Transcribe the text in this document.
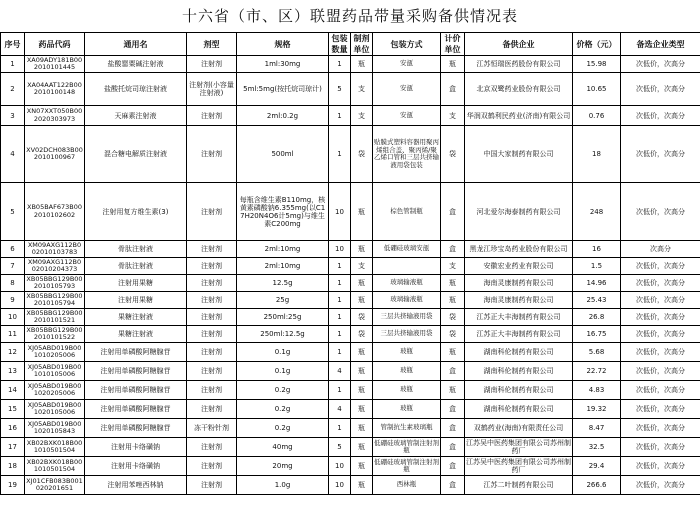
十六省（市、区）联盟药品带量采购备供情况表
序号	药品代码	通用名	剂型	规格	包装数量	制剂单位	包装方式	计价单位	备供企业	价格（元）	备选企业类型
1	XA09ADY181B002010101445	盐酸罂粟碱注射液	注射剂	1ml:30mg	1	瓶	安瓿	瓶	江苏恒瑞医药股份有限公司	15.98	次低价，次高分
2	XA04AAT122B002010100148	盐酸托烷司琼注射液	注射剂(小容量注射液)	5ml:5mg(按托烷司琼计)	5	支	安瓿	盒	北京双鹭药业股份有限公司	10.65	次低价，次高分
3	XN07XXT050B002020303973	天麻素注射液	注射剂	2ml:0.2g	1	支	安瓿	支	华润双鹤利民药业(济南)有限公司	0.76	次低价，次高分
4	XV02DCH083B002010100967	混合糖电解质注射液	注射剂	500ml	1	袋	贴膜式塑料容器用聚丙烯组合盖、聚丙烯/聚乙烯口管和三层共挤输液用袋包装	袋	中国大家制药有限公司	18	次低价，次高分
5	XB05BAF673B002010102602	注射用复方维生素(3)	注射剂	每瓶含维生素B110mg，核黄素磷酸钠6.355mg(以C17H20N4O6计5mg)与维生素C200mg	10	瓶	棕色管制瓶	盒	河北爱尔海泰制药有限公司	248	次低价，次高分
6	XM09AXG112B002010103783	骨肽注射液	注射剂	2ml:10mg	10	瓶	低硼硅玻璃安瓿	盒	黑龙江珍宝岛药业股份有限公司	16	次高分
7	XM09AXG112B002010204373	骨肽注射液	注射剂	2ml:10mg	1	支		支	安徽宏业药业有限公司	1.5	次低价，次高分
8	XB05BBG129B002010105793	注射用果糖	注射剂	12.5g	1	瓶	玻璃输液瓶	瓶	海南灵康制药有限公司	14.96	次低价，次高分
9	XB05BBG129B002010105794	注射用果糖	注射剂	25g	1	瓶	玻璃输液瓶	瓶	海南灵康制药有限公司	25.43	次低价，次高分
10	XB05BBG129B002010101521	果糖注射液	注射剂	250ml:25g	1	袋	三层共挤输液用袋	袋	江苏正大丰海制药有限公司	26.8	次低价，次高分
11	XB05BBG129B002010101522	果糖注射液	注射剂	250ml:12.5g	1	袋	三层共挤输液用袋	袋	江苏正大丰海制药有限公司	16.75	次低价，次高分
12	XJ05ABD019B001010205006	注射用单磷酸阿糖腺苷	注射剂	0.1g	1	瓶	玻瓶	瓶	湖南科伦制药有限公司	5.68	次低价，次高分
13	XJ05ABD019B001010105006	注射用单磷酸阿糖腺苷	注射剂	0.1g	4	瓶	玻瓶	盒	湖南科伦制药有限公司	22.72	次低价，次高分
14	XJ05ABD019B001020205006	注射用单磷酸阿糖腺苷	注射剂	0.2g	1	瓶	玻瓶	瓶	湖南科伦制药有限公司	4.83	次低价，次高分
15	XJ05ABD019B001020105006	注射用单磷酸阿糖腺苷	注射剂	0.2g	4	瓶	玻瓶	盒	湖南科伦制药有限公司	19.32	次低价，次高分
16	XJ05ABD019B001020105843	注射用单磷酸阿糖腺苷	冻干粉针剂	0.2g	1	瓶	管制抗生素玻璃瓶	盒	双鹤药业(海南)有限责任公司	8.47	次低价，次高分
17	XB02BXK018B001010501504	注射用卡络磺钠	注射剂	40mg	5	瓶	低硼硅玻璃管制注射剂瓶	盒	江苏吴中医药集团有限公司苏州制药厂	32.5	次低价，次高分
18	XB02BXK018B001010501504	注射用卡络磺钠	注射剂	20mg	10	瓶	低硼硅玻璃管制注射剂瓶	盒	江苏吴中医药集团有限公司苏州制药厂	29.4	次低价，次高分
19	XJ01CFB083B001020201651	注射用苯唑西林钠	注射剂	1.0g	10	瓶	西林瓶	盒	江苏二叶制药有限公司	266.6	次低价，次高分
